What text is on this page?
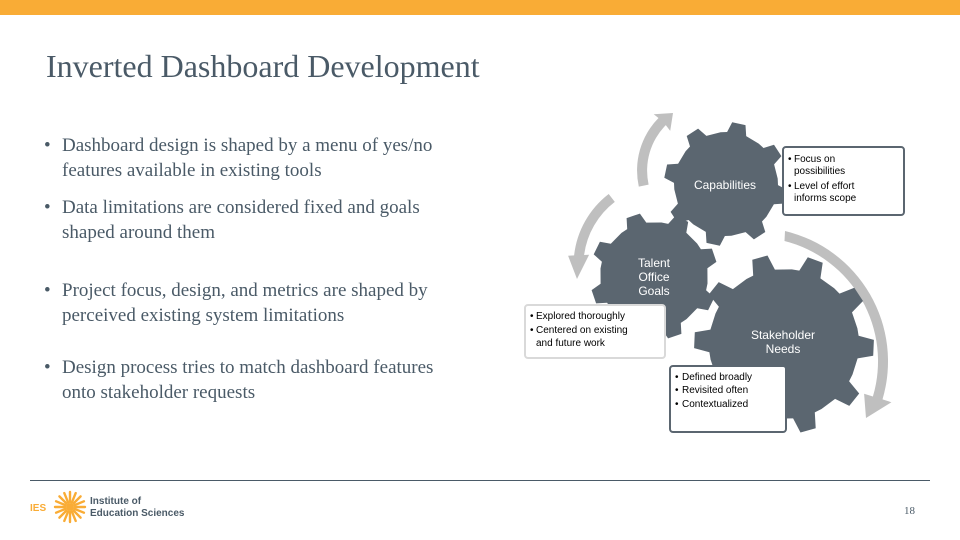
Inverted Dashboard Development
• Dashboard design is shaped by a menu of yes/no features available in existing tools
• Data limitations are considered fixed and goals shaped around them
• Project focus, design, and metrics are shaped by perceived existing system limitations
• Design process tries to match dashboard features onto stakeholder requests
Stakeholder
Needs
Talent
Office
Goals
Capabilities
• Focus on
possibilities
• Level of effort
informs scope
• Explored thoroughly
• Centered on existing
and future work
• Defined broadly
• Revisited often
• Contextualized
IES
Institute of
Education Sciences	18
